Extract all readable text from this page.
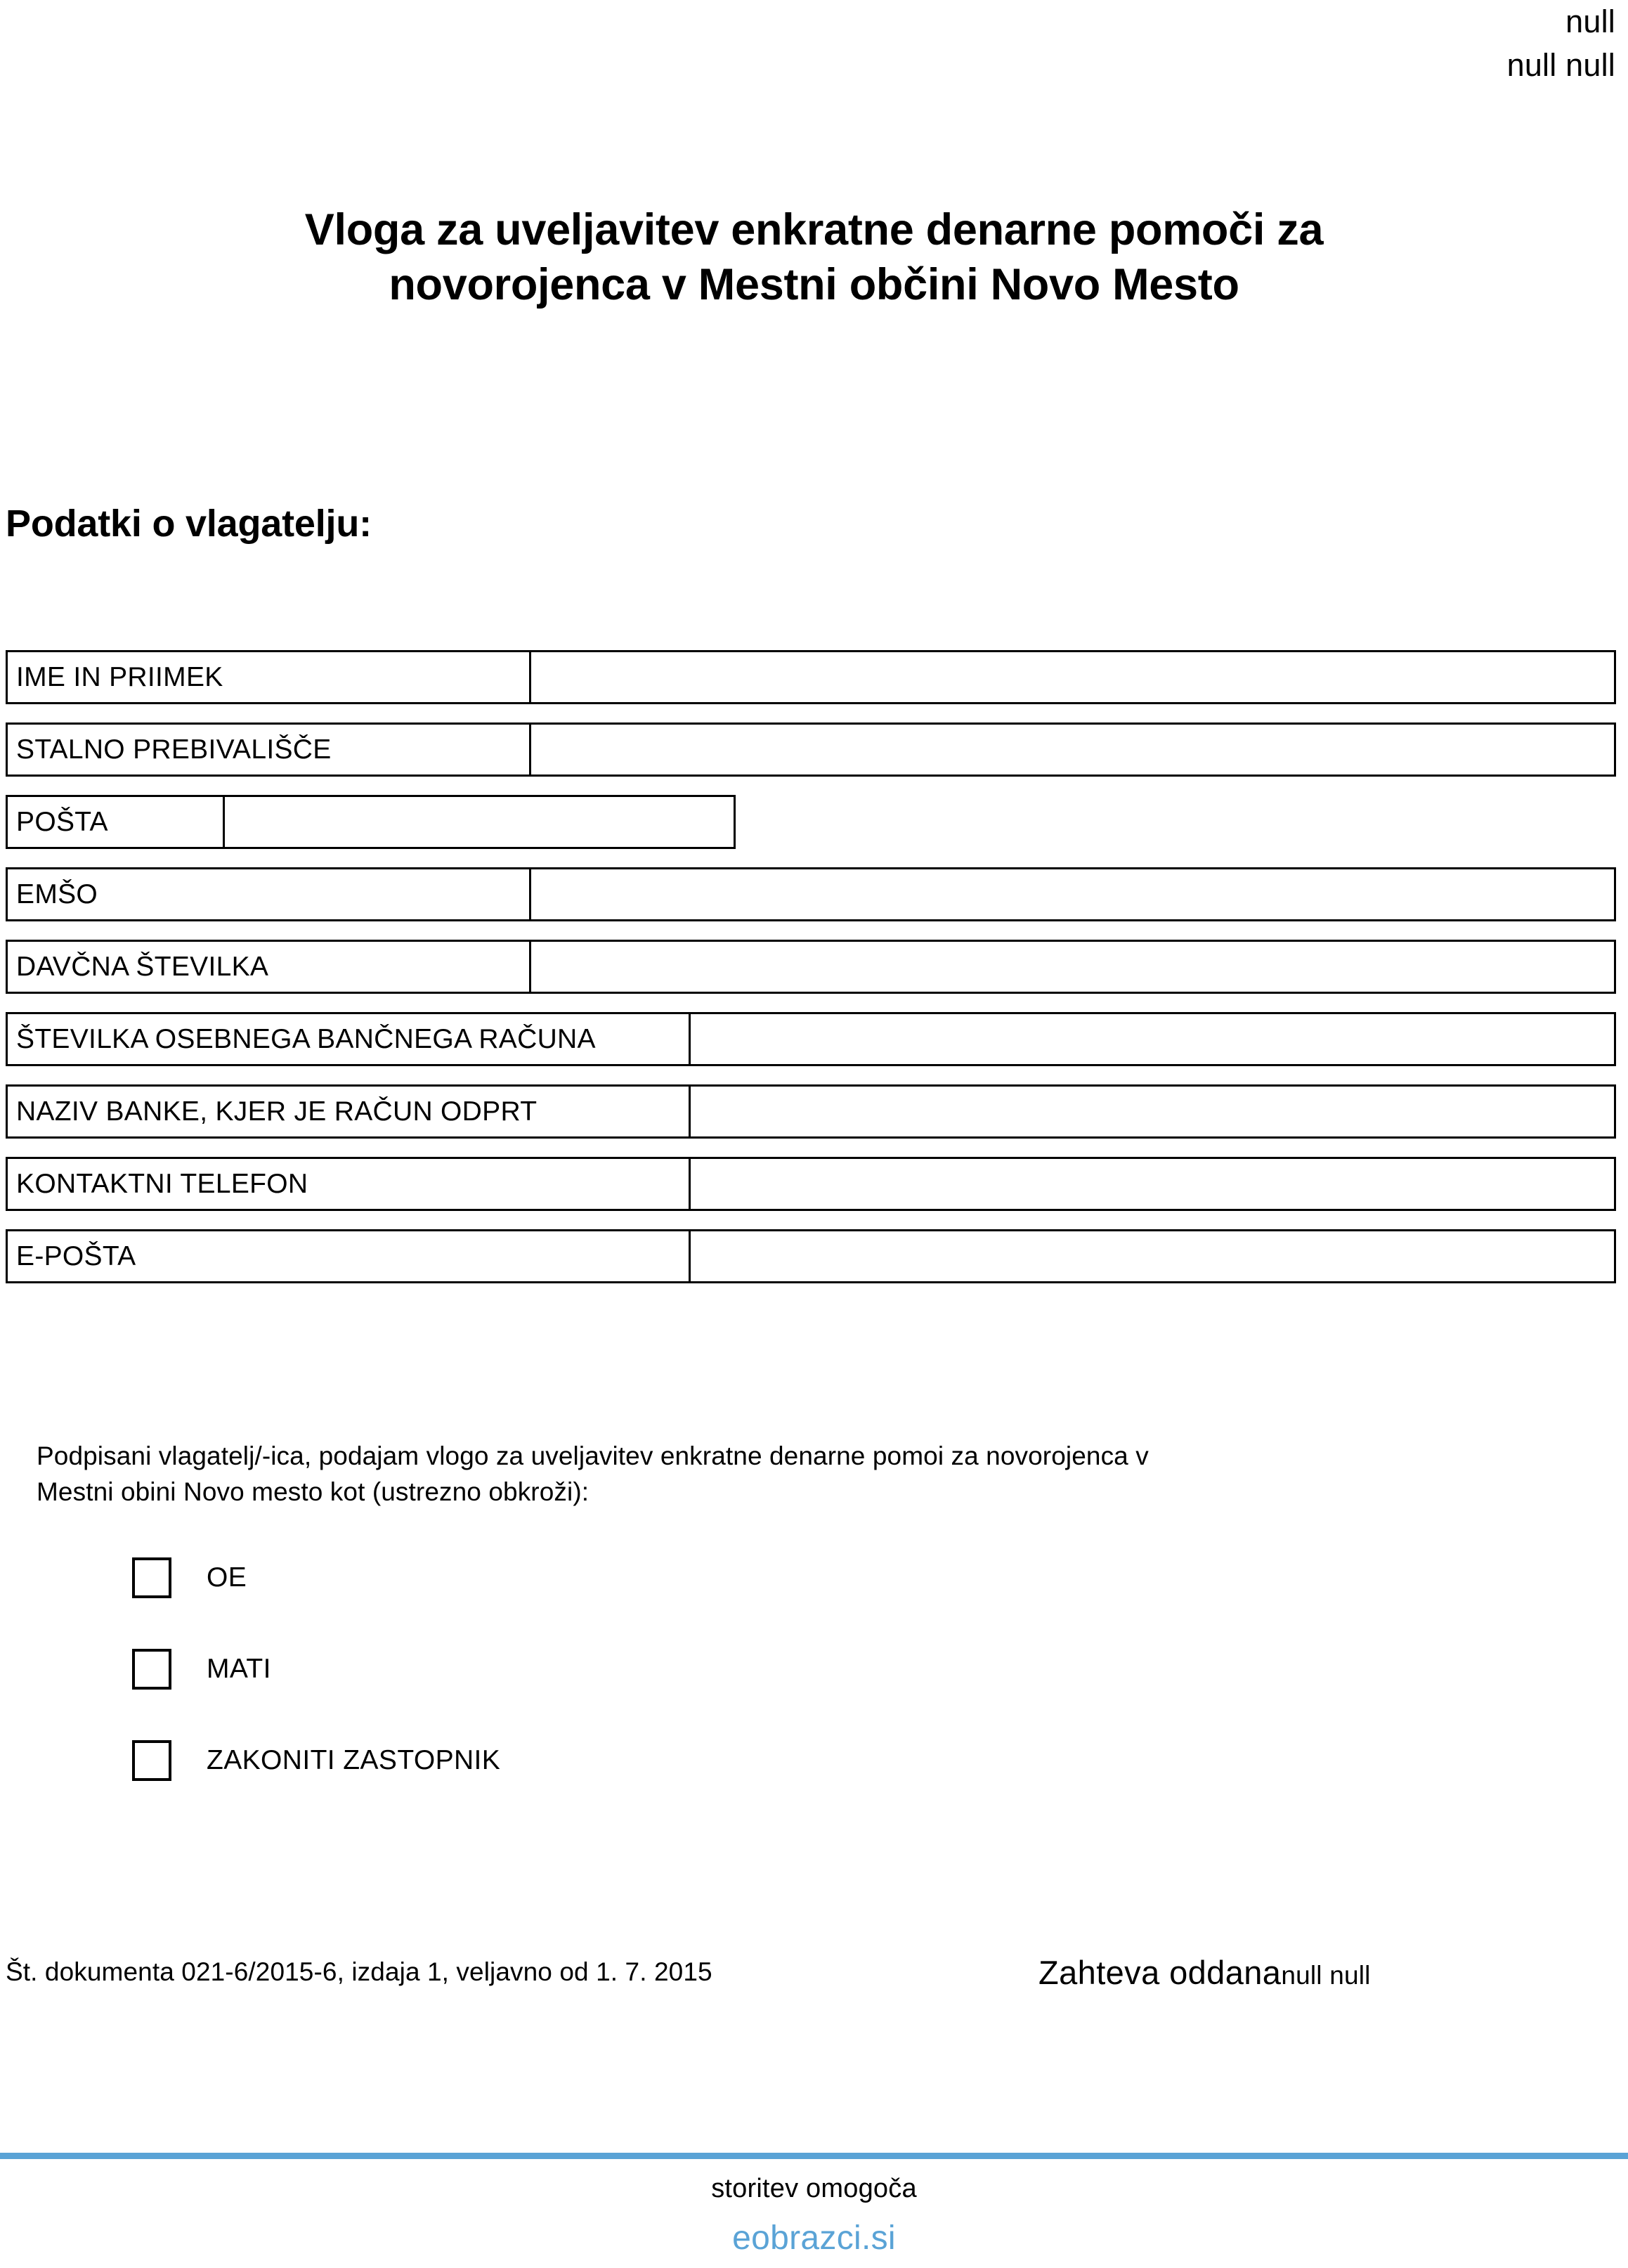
null
null null
Vloga za uveljavitev enkratne denarne pomoči za
novorojenca v Mestni občini Novo Mesto
Podatki o vlagatelju:
IME IN PRIIMEK
STALNO PREBIVALIŠČE
POŠTA
EMŠO
DAVČNA ŠTEVILKA
ŠTEVILKA OSEBNEGA BANČNEGA RAČUNA
NAZIV BANKE, KJER JE RAČUN ODPRT
KONTAKTNI TELEFON
E-POŠTA
Podpisani vlagatelj/-ica, podajam vlogo za uveljavitev enkratne denarne pomoi za novorojenca v
Mestni obini Novo mesto kot (ustrezno obkroži):
OE
MATI
ZAKONITI ZASTOPNIK
Št. dokumenta 021-6/2015-6, izdaja 1, veljavno od 1. 7. 2015	Zahteva oddana null null
storitev omogoča
eobrazci.si
